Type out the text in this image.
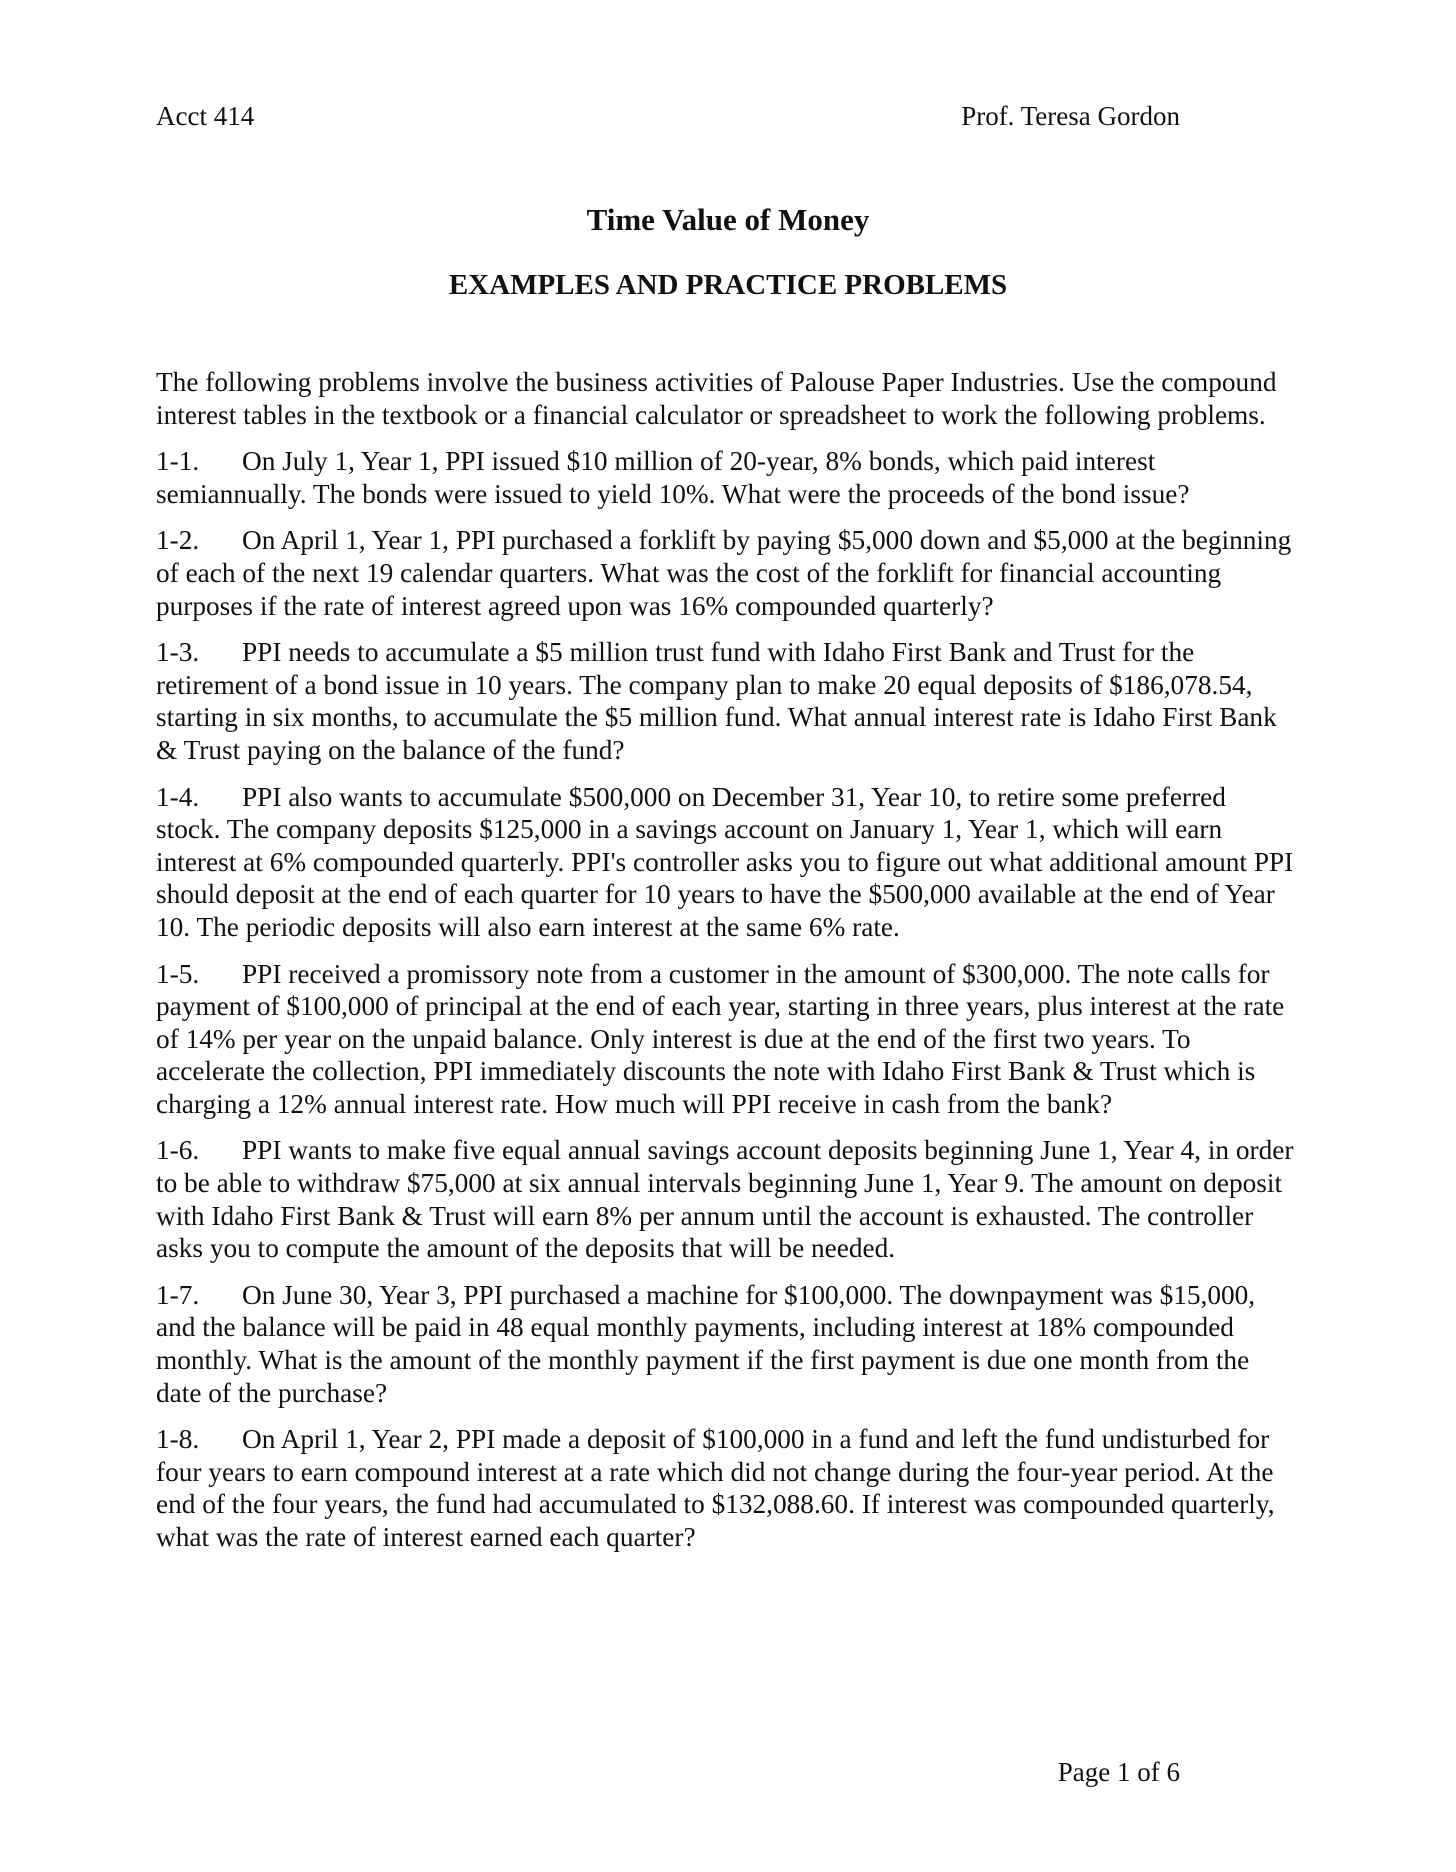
Acct 414	Prof. Teresa Gordon
Time Value of Money
EXAMPLES AND PRACTICE PROBLEMS

The following problems involve the business activities of Palouse Paper Industries. Use the compound interest tables in the textbook or a financial calculator or spreadsheet to work the following problems.

1-1. On July 1, Year 1, PPI issued $10 million of 20-year, 8% bonds, which paid interest semiannually. The bonds were issued to yield 10%. What were the proceeds of the bond issue?

1-2. On April 1, Year 1, PPI purchased a forklift by paying $5,000 down and $5,000 at the beginning of each of the next 19 calendar quarters. What was the cost of the forklift for financial accounting purposes if the rate of interest agreed upon was 16% compounded quarterly?

1-3. PPI needs to accumulate a $5 million trust fund with Idaho First Bank and Trust for the retirement of a bond issue in 10 years. The company plan to make 20 equal deposits of $186,078.54, starting in six months, to accumulate the $5 million fund. What annual interest rate is Idaho First Bank & Trust paying on the balance of the fund?

1-4. PPI also wants to accumulate $500,000 on December 31, Year 10, to retire some preferred stock. The company deposits $125,000 in a savings account on January 1, Year 1, which will earn interest at 6% compounded quarterly. PPI's controller asks you to figure out what additional amount PPI should deposit at the end of each quarter for 10 years to have the $500,000 available at the end of Year 10. The periodic deposits will also earn interest at the same 6% rate.

1-5. PPI received a promissory note from a customer in the amount of $300,000. The note calls for payment of $100,000 of principal at the end of each year, starting in three years, plus interest at the rate of 14% per year on the unpaid balance. Only interest is due at the end of the first two years. To accelerate the collection, PPI immediately discounts the note with Idaho First Bank & Trust which is charging a 12% annual interest rate. How much will PPI receive in cash from the bank?

1-6. PPI wants to make five equal annual savings account deposits beginning June 1, Year 4, in order to be able to withdraw $75,000 at six annual intervals beginning June 1, Year 9. The amount on deposit with Idaho First Bank & Trust will earn 8% per annum until the account is exhausted. The controller asks you to compute the amount of the deposits that will be needed.

1-7. On June 30, Year 3, PPI purchased a machine for $100,000. The downpayment was $15,000, and the balance will be paid in 48 equal monthly payments, including interest at 18% compounded monthly. What is the amount of the monthly payment if the first payment is due one month from the date of the purchase?

1-8. On April 1, Year 2, PPI made a deposit of $100,000 in a fund and left the fund undisturbed for four years to earn compound interest at a rate which did not change during the four-year period. At the end of the four years, the fund had accumulated to $132,088.60. If interest was compounded quarterly, what was the rate of interest earned each quarter?

Page 1 of 6
